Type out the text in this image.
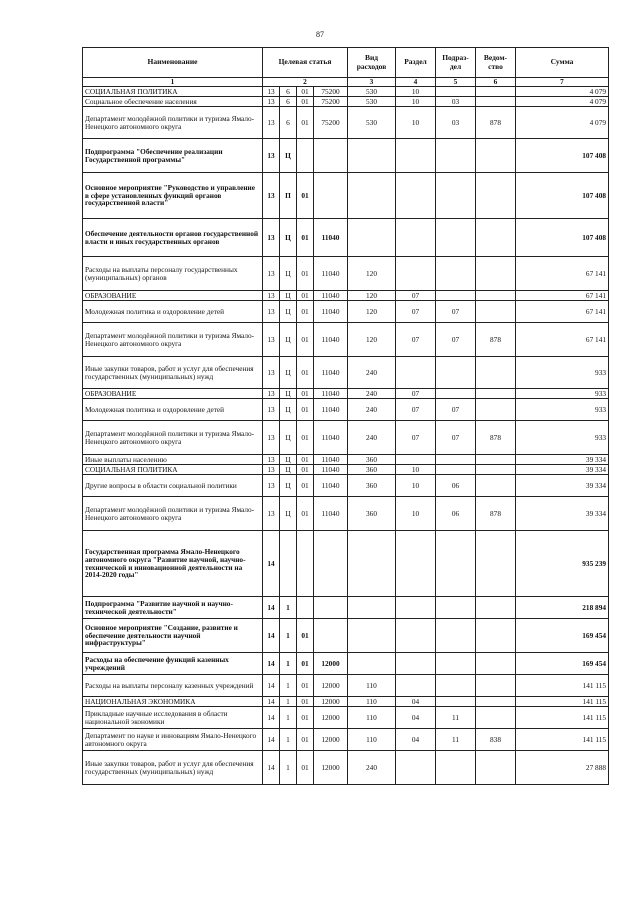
87
Наименование	Целевая статья				Вид расходов	Раздел	Подраз-дел	Ведом-ство	Сумма
1	2				3	4	5	6	7
СОЦИАЛЬНАЯ ПОЛИТИКА	13	6	01	75200	530	10			4 079
Социальное обеспечение населения	13	6	01	75200	530	10	03		4 079
Департамент молодёжной политики и туризма Ямало-Ненецкого автономного округа	13	6	01	75200	530	10	03	878	4 079
Подпрограмма "Обеспечение реализации Государственной программы"	13	Ц							107 408
Основное мероприятие "Руководство и управление в сфере установленных функций органов государственной власти"	13	П	01						107 408
Обеспечение деятельности органов государственной власти и иных государственных органов	13	Ц	01	11040					107 408
Расходы на выплаты персоналу государственных (муниципальных) органов	13	Ц	01	11040	120				67 141
ОБРАЗОВАНИЕ	13	Ц	01	11040	120	07			67 141
Молодежная политика и оздоровление детей	13	Ц	01	11040	120	07	07		67 141
Департамент молодёжной политики и туризма Ямало-Ненецкого автономного округа	13	Ц	01	11040	120	07	07	878	67 141
Иные закупки товаров, работ и услуг для обеспечения государственных (муниципальных) нужд	13	Ц	01	11040	240				933
ОБРАЗОВАНИЕ	13	Ц	01	11040	240	07			933
Молодежная политика и оздоровление детей	13	Ц	01	11040	240	07	07		933
Департамент молодёжной политики и туризма Ямало-Ненецкого автономного округа	13	Ц	01	11040	240	07	07	878	933
Иные выплаты населению	13	Ц	01	11040	360				39 334
СОЦИАЛЬНАЯ ПОЛИТИКА	13	Ц	01	11040	360	10			39 334
Другие вопросы в области социальной политики	13	Ц	01	11040	360	10	06		39 334
Департамент молодёжной политики и туризма Ямало-Ненецкого автономного округа	13	Ц	01	11040	360	10	06	878	39 334
Государственная программа Ямало-Ненецкого автономного округа "Развитие научной, научно-технической и инновационной деятельности на 2014-2020 годы"	14								935 239
Подпрограмма "Развитие научной и научно-технической деятельности"	14	1							218 894
Основное мероприятие "Создание, развитие и обеспечение деятельности научной инфраструктуры"	14	1	01						169 454
Расходы на обеспечение функций казенных учреждений	14	1	01	12000					169 454
Расходы на выплаты персоналу казенных учреждений	14	1	01	12000	110				141 115
НАЦИОНАЛЬНАЯ ЭКОНОМИКА	14	1	01	12000	110	04			141 115
Прикладные научные исследования в области национальной экономики	14	1	01	12000	110	04	11		141 115
Департамент по науке и инновациям Ямало-Ненецкого автономного округа	14	1	01	12000	110	04	11	838	141 115
Иные закупки товаров, работ и услуг для обеспечения государственных (муниципальных) нужд	14	1	01	12000	240				27 888
